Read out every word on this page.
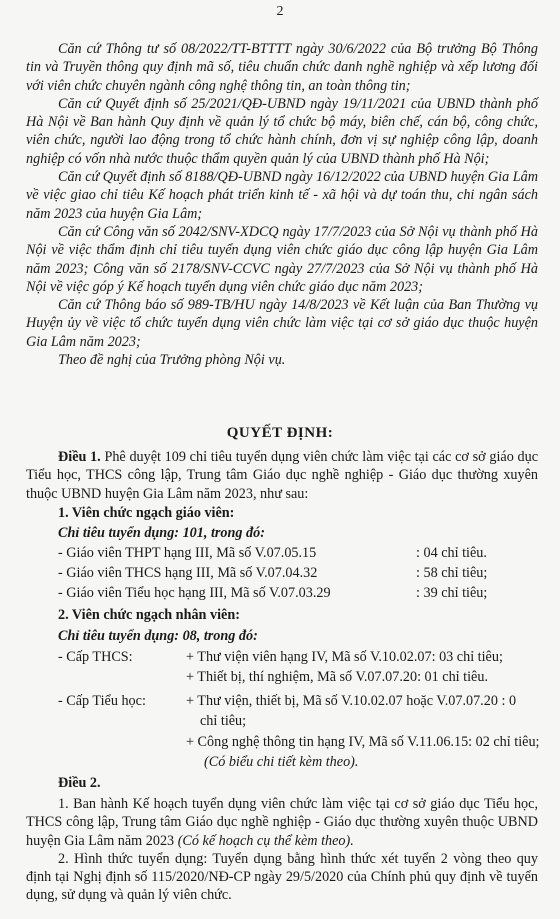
2

Căn cứ Thông tư số 08/2022/TT-BTTTT ngày 30/6/2022 của Bộ trưởng Bộ Thông tin và Truyền thông quy định mã số, tiêu chuẩn chức danh nghề nghiệp và xếp lương đối với viên chức chuyên ngành công nghệ thông tin, an toàn thông tin;

Căn cứ Quyết định số 25/2021/QĐ-UBND ngày 19/11/2021 của UBND thành phố Hà Nội về Ban hành Quy định về quản lý tổ chức bộ máy, biên chế, cán bộ, công chức, viên chức, người lao động trong tổ chức hành chính, đơn vị sự nghiệp công lập, doanh nghiệp có vốn nhà nước thuộc thẩm quyền quản lý của UBND thành phố Hà Nội;

Căn cứ Quyết định số 8188/QĐ-UBND ngày 16/12/2022 của UBND huyện Gia Lâm về việc giao chỉ tiêu Kế hoạch phát triển kinh tế - xã hội và dự toán thu, chi ngân sách năm 2023 của huyện Gia Lâm;

Căn cứ Công văn số 2042/SNV-XDCQ ngày 17/7/2023 của Sở Nội vụ thành phố Hà Nội về việc thẩm định chỉ tiêu tuyển dụng viên chức giáo dục công lập huyện Gia Lâm năm 2023; Công văn số 2178/SNV-CCVC ngày 27/7/2023 của Sở Nội vụ thành phố Hà Nội về việc góp ý Kế hoạch tuyển dụng viên chức giáo dục năm 2023;

Căn cứ Thông báo số 989-TB/HU ngày 14/8/2023 về Kết luận của Ban Thường vụ Huyện ủy về việc tổ chức tuyển dụng viên chức làm việc tại cơ sở giáo dục thuộc huyện Gia Lâm năm 2023;

Theo đề nghị của Trưởng phòng Nội vụ.

QUYẾT ĐỊNH:

Điều 1. Phê duyệt 109 chỉ tiêu tuyển dụng viên chức làm việc tại các cơ sở giáo dục Tiểu học, THCS công lập, Trung tâm Giáo dục nghề nghiệp - Giáo dục thường xuyên thuộc UBND huyện Gia Lâm năm 2023, như sau:

1. Viên chức ngạch giáo viên:
Chỉ tiêu tuyển dụng: 101, trong đó:
- Giáo viên THPT hạng III, Mã số V.07.05.15	: 04 chỉ tiêu.
- Giáo viên THCS hạng III, Mã số V.07.04.32	: 58 chỉ tiêu;
- Giáo viên Tiểu học hạng III, Mã số V.07.03.29	: 39 chỉ tiêu;
2. Viên chức ngạch nhân viên:
Chỉ tiêu tuyển dụng: 08, trong đó:
- Cấp THCS:	+ Thư viện viên hạng IV, Mã số V.10.02.07: 03 chỉ tiêu;
+ Thiết bị, thí nghiệm, Mã số V.07.07.20: 01 chỉ tiêu.
- Cấp Tiểu học:	+ Thư viện, thiết bị, Mã số V.10.02.07 hoặc V.07.07.20 : 0
chỉ tiêu;
+ Công nghệ thông tin hạng IV, Mã số V.11.06.15: 02 chỉ tiêu;
(Có biểu chi tiết kèm theo).
Điều 2.

1. Ban hành Kế hoạch tuyển dụng viên chức làm việc tại cơ sở giáo dục Tiểu học, THCS công lập, Trung tâm Giáo dục nghề nghiệp - Giáo dục thường xuyên thuộc UBND huyện Gia Lâm năm 2023 (Có kế hoạch cụ thể kèm theo).

2. Hình thức tuyển dụng: Tuyển dụng bằng hình thức xét tuyển 2 vòng theo quy định tại Nghị định số 115/2020/NĐ-CP ngày 29/5/2020 của Chính phủ quy định về tuyển dụng, sử dụng và quản lý viên chức.
